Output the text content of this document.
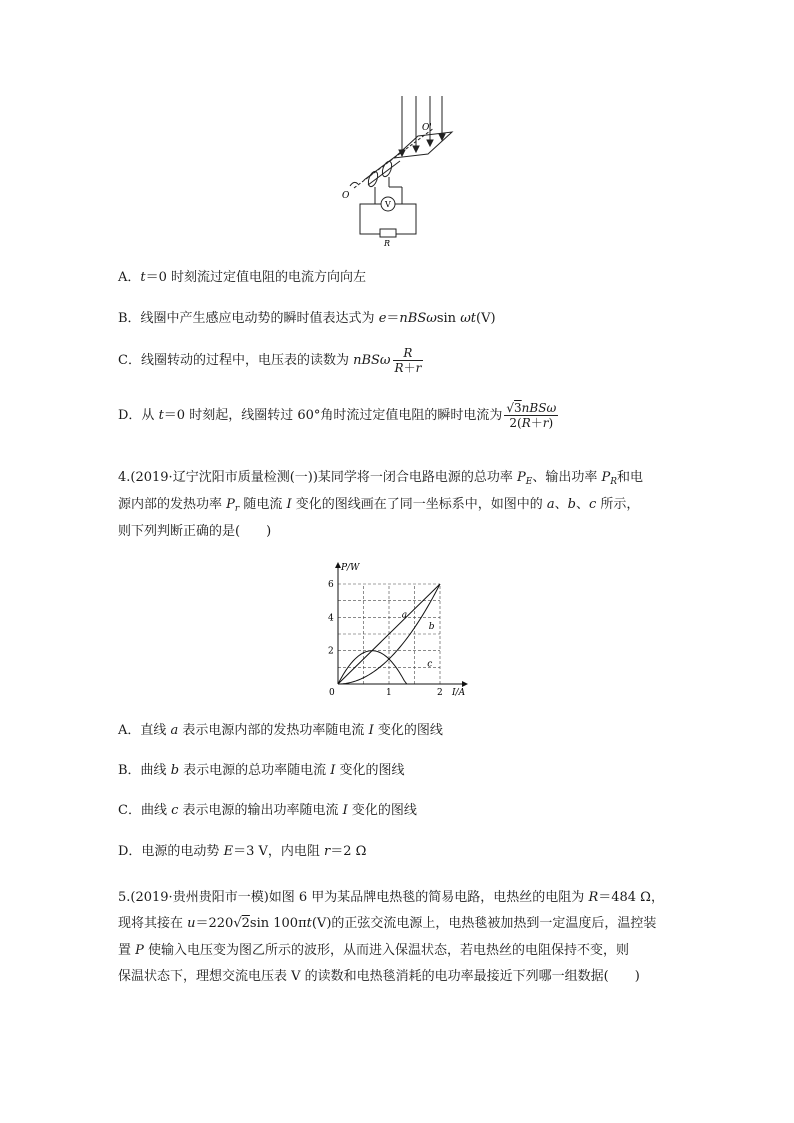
O'
O
V
R
A．t＝0 时刻流过定值电阻的电流方向向左
B．线圈中产生感应电动势的瞬时值表达式为 e＝nBSωsin ωt(V)
C．线圈转动的过程中，电压表的读数为 nBSω $\frac{R}{R+r}$
D．从 t＝0 时刻起，线圈转过 60°角时流过定值电阻的瞬时电流为 $\frac{\text{√3nBSω}}{2(R+r)}$
4.(2019·辽宁沈阳市质量检测(一))某同学将一闭合电路电源的总功率 $P_E$、输出功率 $P_R$和电
源内部的发热功率 $P_r$ 随电流 I 变化的图线画在了同一坐标系中，如图中的 a、b、c 所示，
则下列判断正确的是(　　)
a
b
c
0	1	2
2
4
6
I/A
P/W
A．直线 a 表示电源内部的发热功率随电流 I 变化的图线
B．曲线 b 表示电源的总功率随电流 I 变化的图线
C．曲线 c 表示电源的输出功率随电流 I 变化的图线
D．电源的电动势 E＝3 V，内电阻 r＝2 Ω
5.(2019·贵州贵阳市一模)如图 6 甲为某品牌电热毯的简易电路，电热丝的电阻为 R＝484 Ω，
现将其接在 u＝220√2sin 100πt(V)的正弦交流电源上，电热毯被加热到一定温度后，温控装
置 P 使输入电压变为图乙所示的波形，从而进入保温状态，若电热丝的电阻保持不变，则
保温状态下，理想交流电压表 V 的读数和电热毯消耗的电功率最接近下列哪一组数据(　　)
